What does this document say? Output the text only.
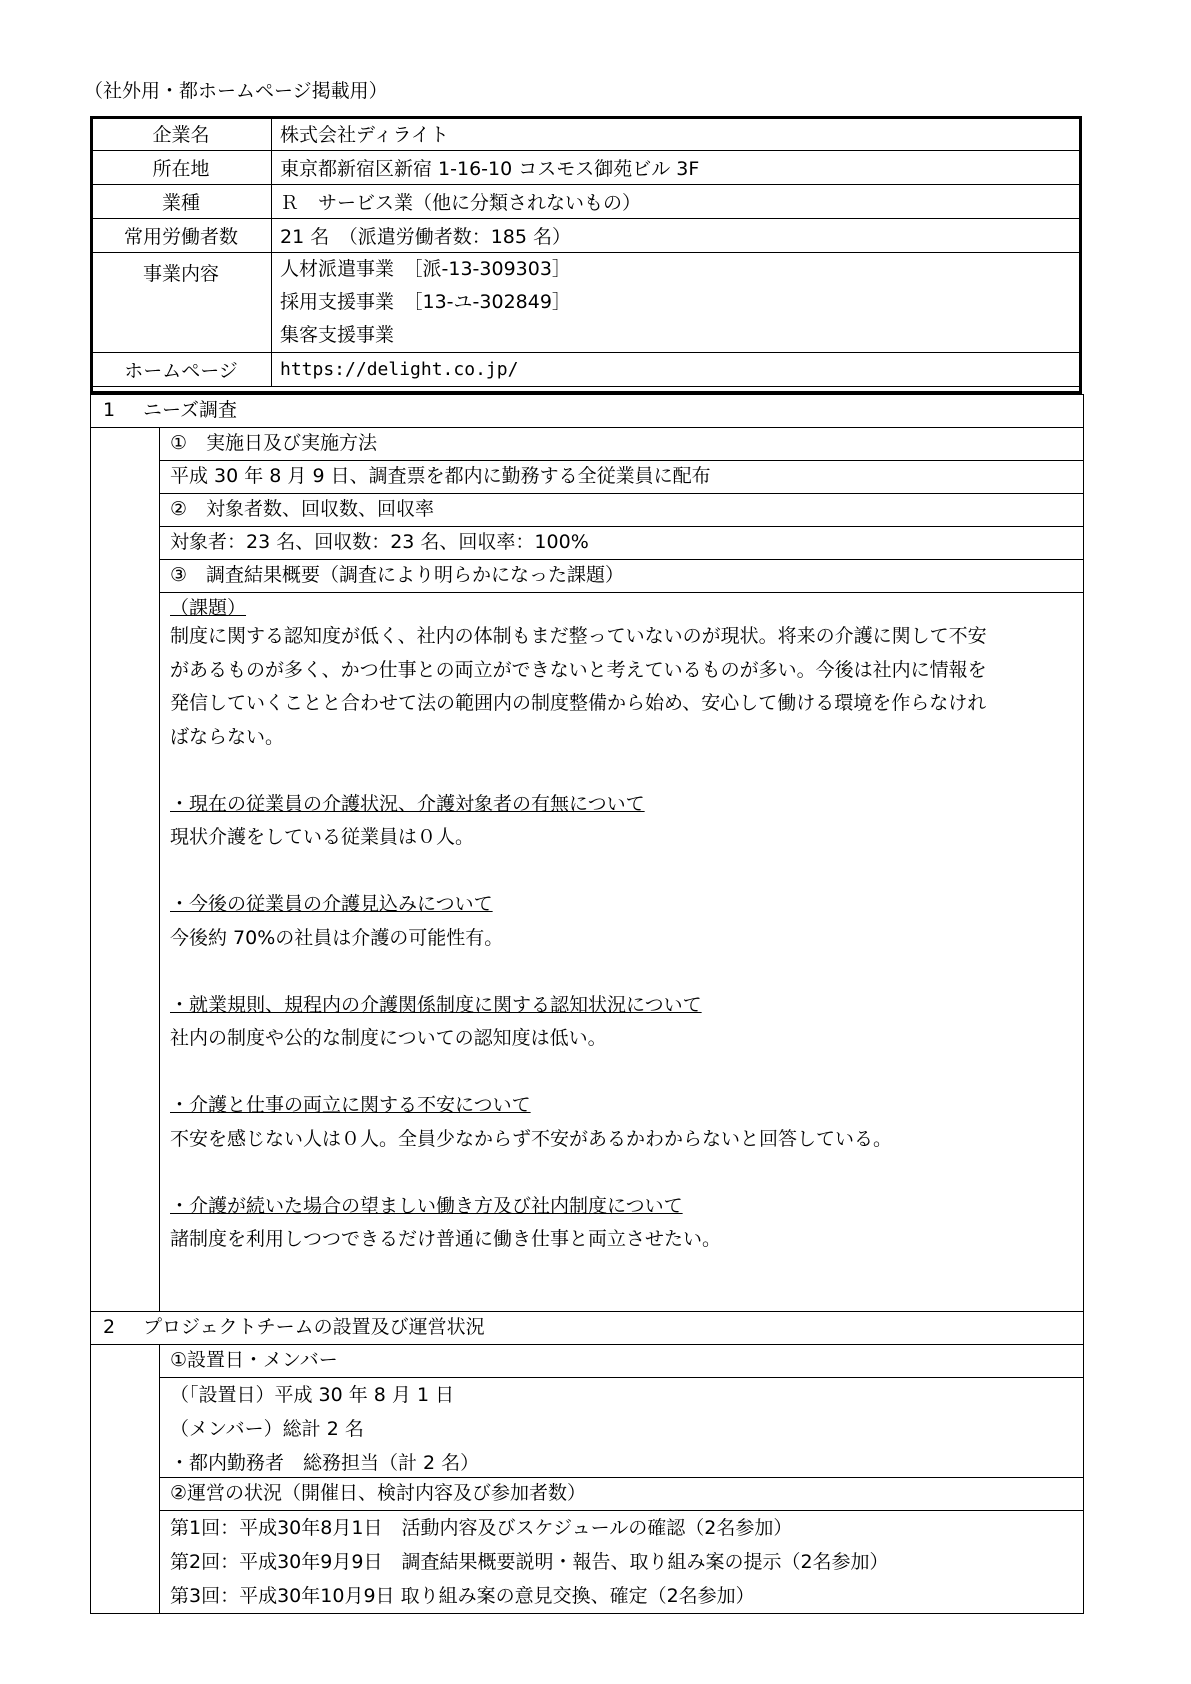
（社外用・都ホームページ掲載用）
企業名	株式会社ディライト
所在地	東京都新宿区新宿 1-16-10 コスモス御苑ビル 3F
業種	Ｒ　サービス業（他に分類されないもの）
常用労働者数	21 名　（派遣労働者数：185 名）
事業内容	人材派遣事業　［派-13-309303］
採用支援事業　［13-ユ-302849］
集客支援事業

ホームページ	https://delight.co.jp/
1 ニーズ調査
①　実施日及び実施方法
平成 30 年 8 月 9 日、調査票を都内に勤務する全従業員に配布
②　対象者数、回収数、回収率
対象者：23 名、回収数：23 名、回収率：100%
③　調査結果概要（調査により明らかになった課題）
（課題）
制度に関する認知度が低く、社内の体制もまだ整っていないのが現状。将来の介護に関して不安
があるものが多く、かつ仕事との両立ができないと考えているものが多い。今後は社内に情報を
発信していくことと合わせて法の範囲内の制度整備から始め、安心して働ける環境を作らなけれ
ばならない。
・現在の従業員の介護状況、介護対象者の有無について
現状介護をしている従業員は０人。
・今後の従業員の介護見込みについて
今後約 70%の社員は介護の可能性有。
・就業規則、規程内の介護関係制度に関する認知状況について
社内の制度や公的な制度についての認知度は低い。
・介護と仕事の両立に関する不安について
不安を感じない人は０人。全員少なからず不安があるかわからないと回答している。
・介護が続いた場合の望ましい働き方及び社内制度について
諸制度を利用しつつできるだけ普通に働き仕事と両立させたい。
2 プロジェクトチームの設置及び運営状況
①設置日・メンバー
（「設置日）平成 30 年 8 月 1 日
（メンバー）総計 2 名
・都内勤務者　総務担当（計 2 名）
②運営の状況（開催日、検討内容及び参加者数）
第1回：平成30年8月1日　活動内容及びスケジュールの確認（2名参加）
第2回：平成30年9月9日　調査結果概要説明・報告、取り組み案の提示（2名参加）
第3回：平成30年10月9日 取り組み案の意見交換、確定（2名参加）
